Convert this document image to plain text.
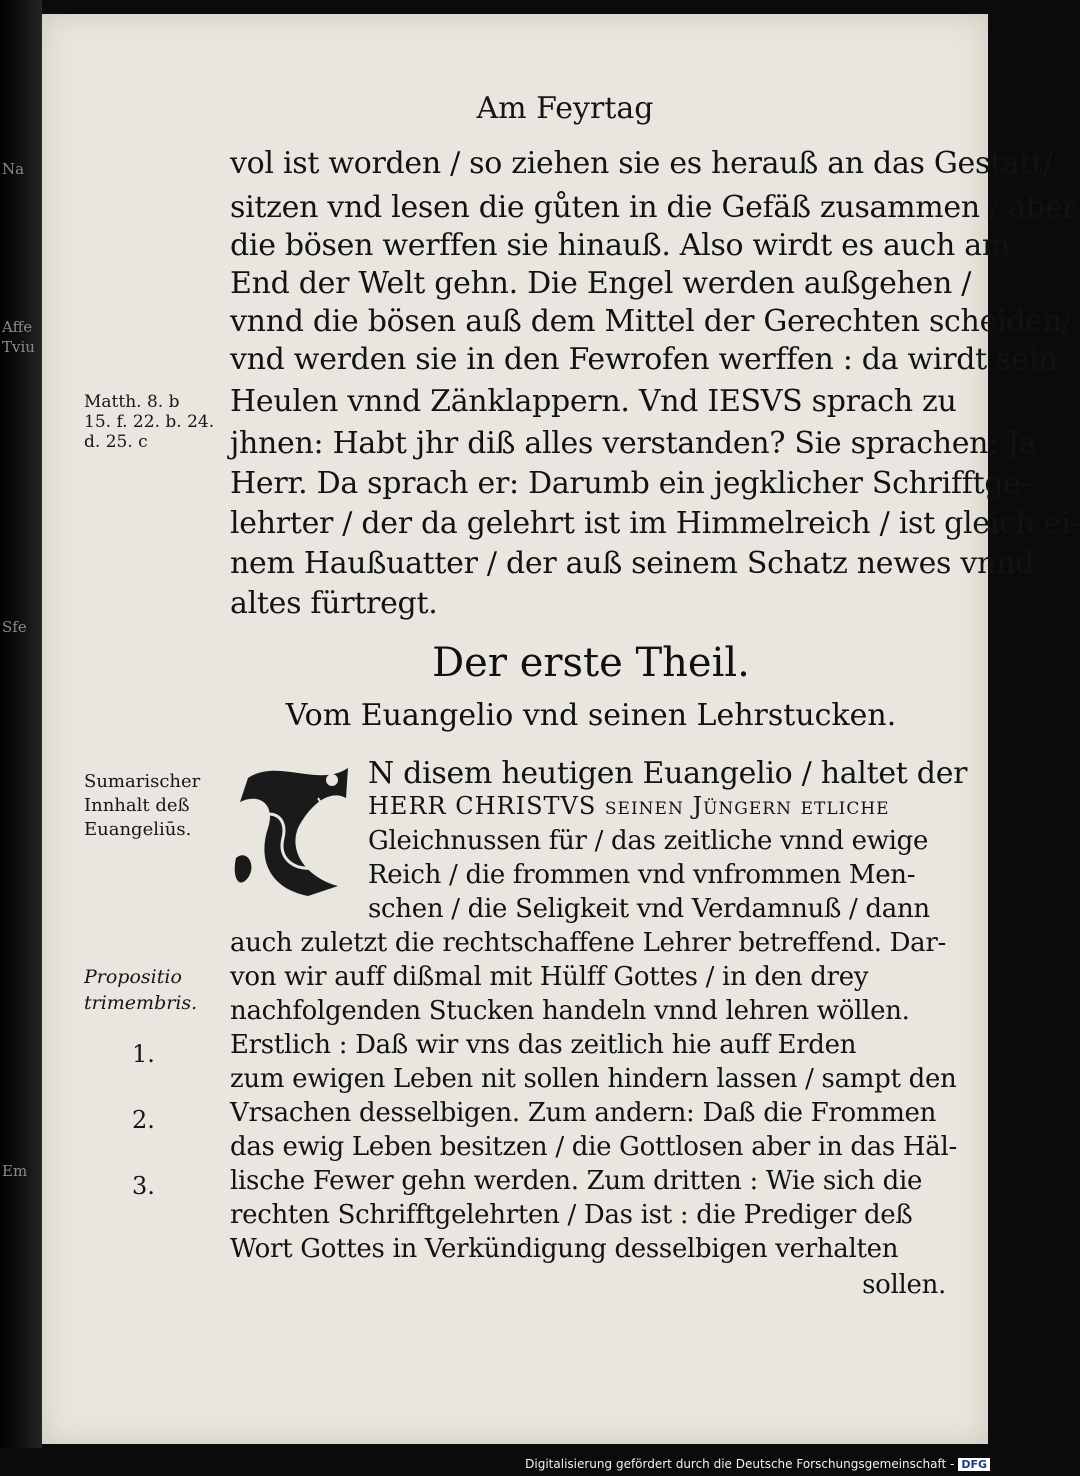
Na
Affe
Tviu
Sfe
Em
Am Feyrtag
vol ist worden / so ziehen sie es herauß an das Gestatt/
sitzen vnd lesen die gůten in die Gefäß zusammen / aber
die bösen werffen sie hinauß. Also wirdt es auch am
End der Welt gehn. Die Engel werden außgehen /
vnnd die bösen auß dem Mittel der Gerechten scheiden/
vnd werden sie in den Fewrofen werffen : da wirdt sein
Heulen vnnd Zänklappern. Vnd IESVS sprach zu
jhnen: Habt jhr diß alles verstanden? Sie sprachen: Ja
Herr. Da sprach er: Darumb ein jegklicher Schrifftge-
lehrter / der da gelehrt ist im Himmelreich / ist gleich ei-
nem Haußuatter / der auß seinem Schatz newes vnnd
altes fürtregt.
Matth. 8. b
15. f. 22. b. 24.
d. 25. c
Der erste Theil.
Vom Euangelio vnd seinen Lehrstucken.
N disem heutigen Euangelio / haltet der
HERR CHRISTVS seinen Jüngern etliche
Gleichnussen für / das zeitliche vnnd ewige
Reich / die frommen vnd vnfrommen Men-
schen / die Seligkeit vnd Verdamnuß / dann
Sumarischer
Innhalt deß
Euangeliūs.
auch zuletzt die rechtschaffene Lehrer betreffend. Dar-
von wir auff dißmal mit Hülff Gottes / in den drey
nachfolgenden Stucken handeln vnnd lehren wöllen.
Erstlich : Daß wir vns das zeitlich hie auff Erden
zum ewigen Leben nit sollen hindern lassen / sampt den
Vrsachen desselbigen. Zum andern: Daß die Frommen
das ewig Leben besitzen / die Gottlosen aber in das Häl-
lische Fewer gehn werden. Zum dritten : Wie sich die
rechten Schrifftgelehrten / Das ist : die Prediger deß
Wort Gottes in Verkündigung desselbigen verhalten
sollen.
Propositio
trimembris.
1.
2.
3.
Digitalisierung gefördert durch die Deutsche Forschungsgemeinschaft - DFG
